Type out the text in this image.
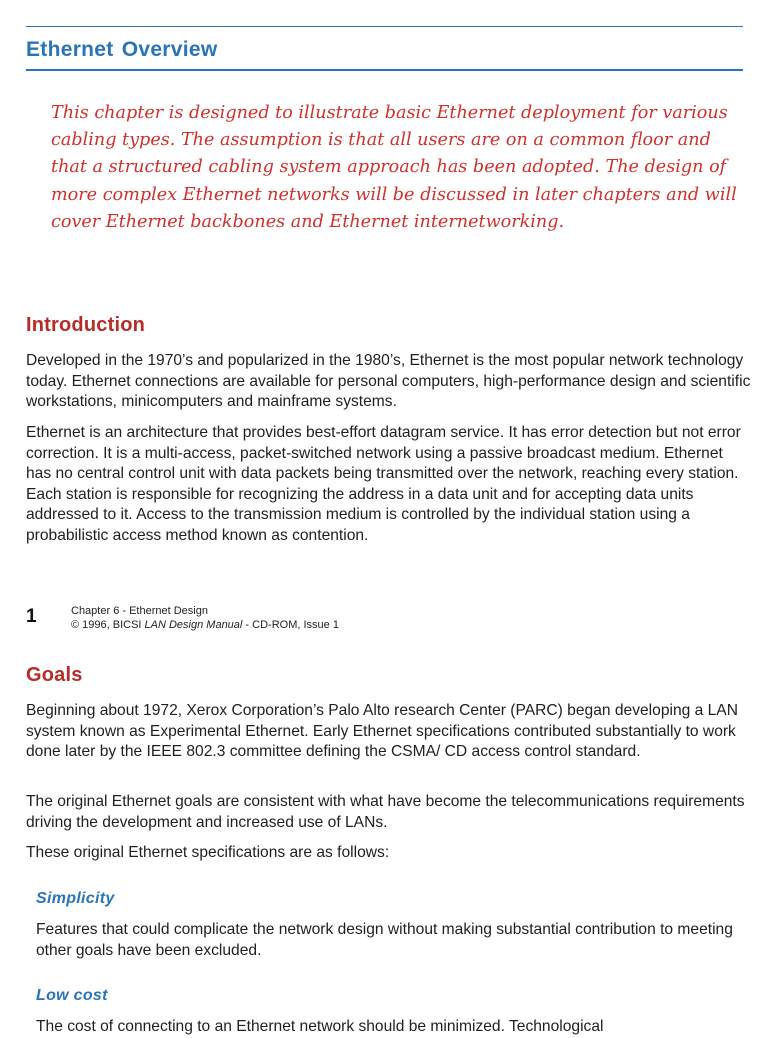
Ethernet Overview

This chapter is designed to illustrate basic Ethernet deployment for various cabling types. The assumption is that all users are on a common floor and that a structured cabling system approach has been adopted. The design of more complex Ethernet networks will be discussed in later chapters and will cover Ethernet backbones and Ethernet internetworking.

Introduction

Developed in the 1970’s and popularized in the 1980’s, Ethernet is the most popular network technology today. Ethernet connections are available for personal computers, high-performance design and scientific workstations, minicomputers and mainframe systems.

Ethernet is an architecture that provides best-effort datagram service. It has error detection but not error correction. It is a multi-access, packet-switched network using a passive broadcast medium. Ethernet has no central control unit with data packets being transmitted over the network, reaching every station. Each station is responsible for recognizing the address in a data unit and for accepting data units addressed to it. Access to the transmission medium is controlled by the individual station using a probabilistic access method known as contention.

1	Chapter 6 - Ethernet Design
© 1996, BICSI LAN Design Manual - CD-ROM, Issue 1
Goals

Beginning about 1972, Xerox Corporation’s Palo Alto research Center (PARC) began developing a LAN system known as Experimental Ethernet. Early Ethernet specifications contributed substantially to work done later by the IEEE 802.3 committee defining the CSMA/ CD access control standard.

The original Ethernet goals are consistent with what have become the telecommunications requirements driving the development and increased use of LANs.

These original Ethernet specifications are as follows:

Simplicity

Features that could complicate the network design without making substantial contribution to meeting other goals have been excluded.

Low cost

The cost of connecting to an Ethernet network should be minimized. Technological
